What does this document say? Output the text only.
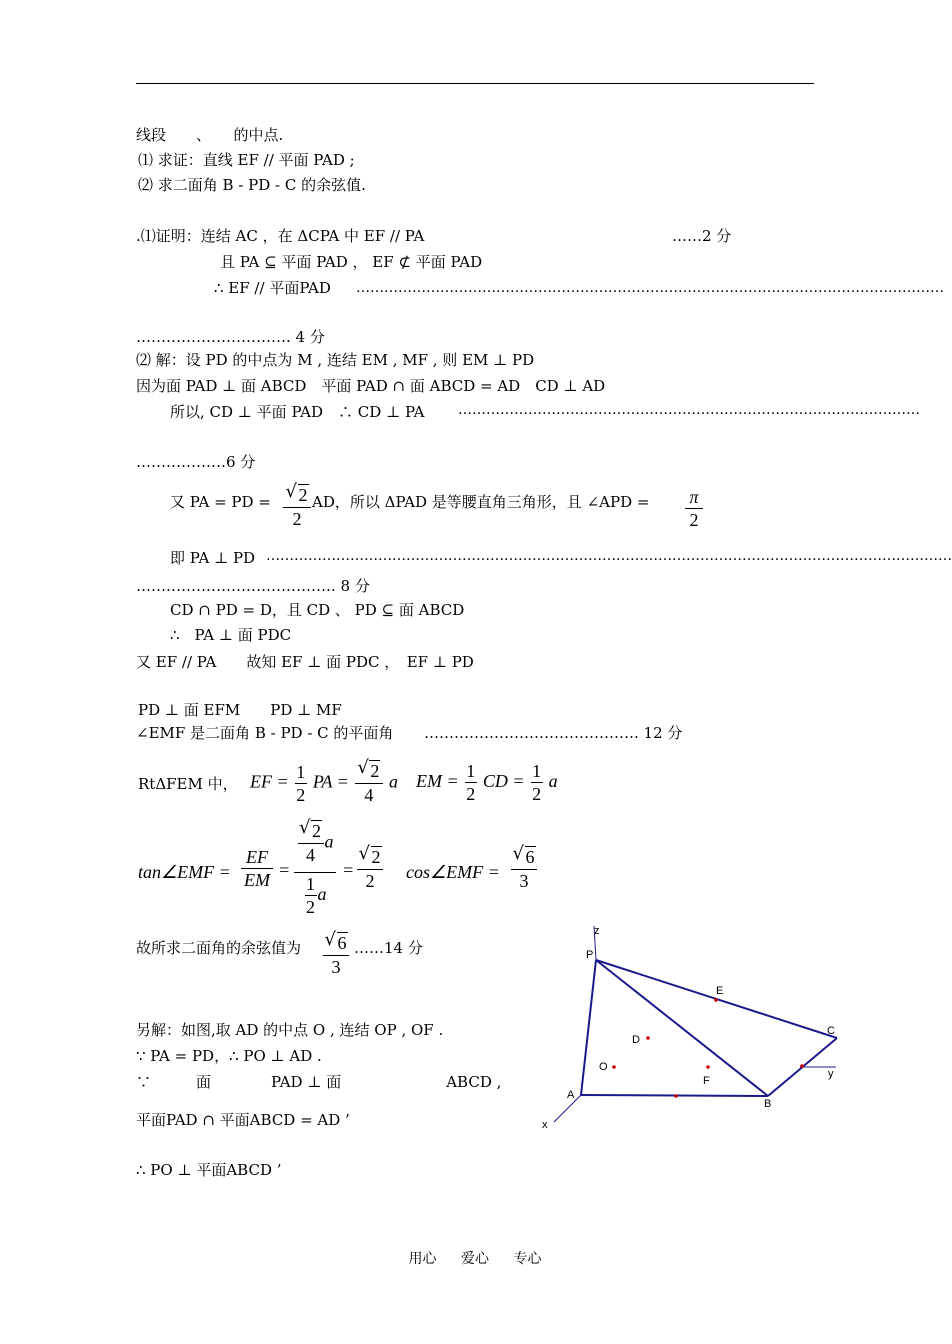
线段　　、　　的中点.
⑴ 求证：直线 EF // 平面 PAD ;
⑵ 求二面角 B - PD - C 的余弦值.
.⑴证明：连结 AC ，在 ΔCPA 中 EF // PA	……2 分
且 PA ⊆ 平面 PAD ， EF ⊄ 平面 PAD
∴ EF // 平面PAD ………………………………………………………………………………………………………………
…………………………. 4 分
⑵ 解：设 PD 的中点为 M , 连结 EM , MF , 则 EM ⊥ PD
因为面 PAD ⊥ 面 ABCD　平面 PAD ∩ 面 ABCD = AD　CD ⊥ AD
所以, CD ⊥ 平面 PAD　∴ CD ⊥ PA ………………………………………………………………………………………
………………6 分
又 PA = PD = √ 2
2
AD，所以 ΔPAD 是等腰直角三角形，且 ∠APD =	π
2
即 PA ⊥ PD …………………………………………………………………………………………………………………………………
…………………………………. 8 分
CD ∩ PD = D，且 CD 、 PD ⊆ 面 ABCD
∴　PA ⊥ 面 PDC
又 EF // PA　　故知 EF ⊥ 面 PDC ，　EF ⊥ PD
PD ⊥ 面 EFM　　PD ⊥ MF
∠EMF 是二面角 B - PD - C 的平面角 ……………………………………. 12 分
RtΔFEM 中， EF = $\frac{1}{2}$ PA = $\frac{√ 2}{4}$ a EM = $\frac{1}{2}$ CD = $\frac{1}{2}$ a
tan∠EMF =
EF
EM =
$\frac{√ 2}{4}$ a
$\frac{1}{2}$ a
=
√ 2
2	cos∠EMF =
√ 6
3
故所求二面角的余弦值为 √ 6
3
……14 分
另解：如图,取 AD 的中点 O , 连结 OP , OF .
∵ PA = PD，∴ PO ⊥ AD .
∵　　　面　　　　PAD ⊥ 面　　　　　　　ABCD ,
平面PAD ∩ 平面ABCD = AD ’
∴ PO ⊥ 平面ABCD ’
z
P
E
C
D
O
F
y
A
B
x
用心 爱心 专心
